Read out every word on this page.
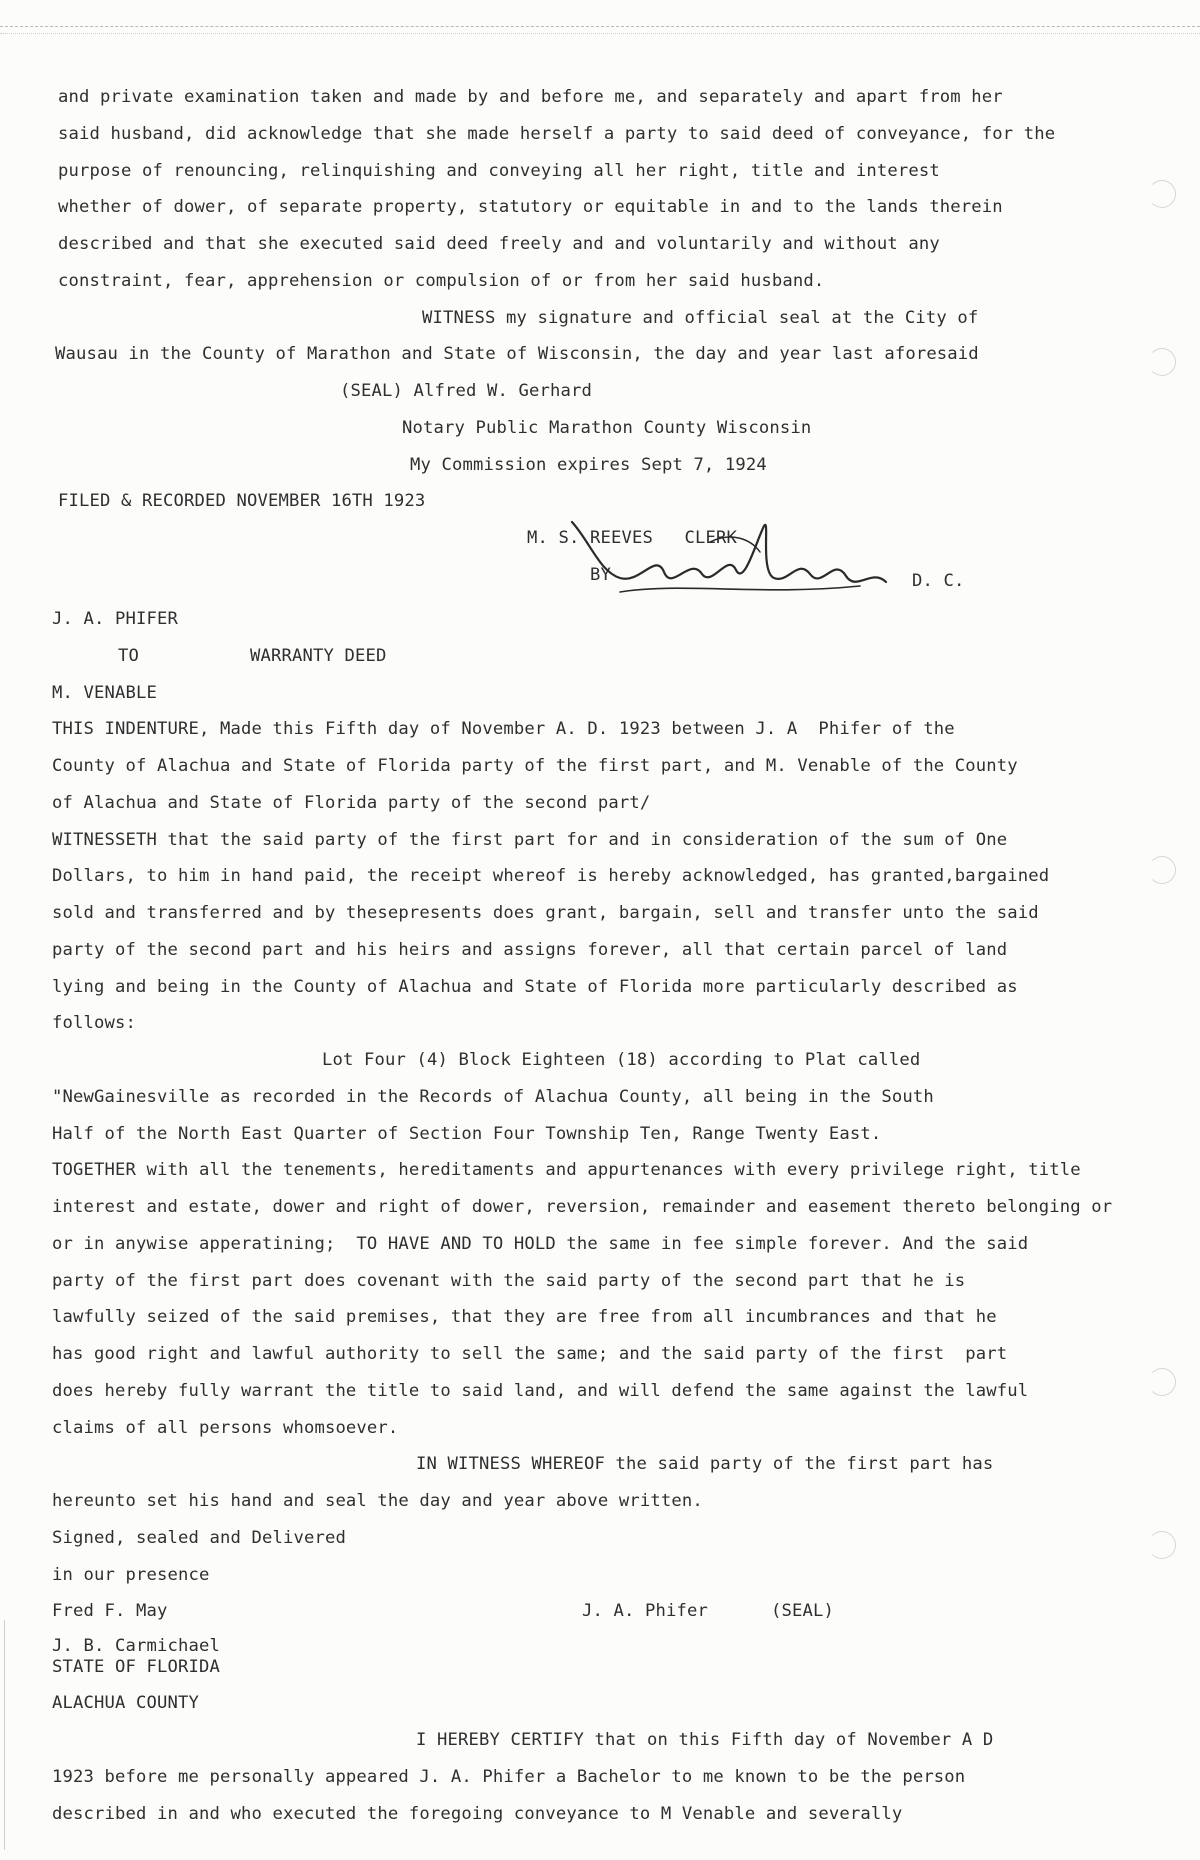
and private examination taken and made by and before me, and separately and apart from her
said husband, did acknowledge that she made herself a party to said deed of conveyance, for the
purpose of renouncing, relinquishing and conveying all her right, title and interest
whether of dower, of separate property, statutory or equitable in and to the lands therein
described and that she executed said deed freely and and voluntarily and without any
constraint, fear, apprehension or compulsion of or from her said husband.
WITNESS my signature and official seal at the City of
Wausau in the County of Marathon and State of Wisconsin, the day and year last aforesaid
(SEAL) Alfred W. Gerhard
Notary Public Marathon County Wisconsin
My Commission expires Sept 7, 1924
FILED & RECORDED NOVEMBER 16TH 1923
M. S. REEVES   CLERK
BY	D. C.
J. A. PHIFER
TO	WARRANTY DEED
M. VENABLE
THIS INDENTURE, Made this Fifth day of November A. D. 1923 between J. A  Phifer of the
County of Alachua and State of Florida party of the first part, and M. Venable of the County
of Alachua and State of Florida party of the second part/
WITNESSETH that the said party of the first part for and in consideration of the sum of One
Dollars, to him in hand paid, the receipt whereof is hereby acknowledged, has granted,bargained
sold and transferred and by thesepresents does grant, bargain, sell and transfer unto the said
party of the second part and his heirs and assigns forever, all that certain parcel of land
lying and being in the County of Alachua and State of Florida more particularly described as
follows:
Lot Four (4) Block Eighteen (18) according to Plat called
"NewGainesville as recorded in the Records of Alachua County, all being in the South
Half of the North East Quarter of Section Four Township Ten, Range Twenty East.
TOGETHER with all the tenements, hereditaments and appurtenances with every privilege right, title
interest and estate, dower and right of dower, reversion, remainder and easement thereto belonging or
or in anywise apperatining;  TO HAVE AND TO HOLD the same in fee simple forever. And the said
party of the first part does covenant with the said party of the second part that he is
lawfully seized of the said premises, that they are free from all incumbrances and that he
has good right and lawful authority to sell the same; and the said party of the first  part
does hereby fully warrant the title to said land, and will defend the same against the lawful
claims of all persons whomsoever.
IN WITNESS WHEREOF the said party of the first part has
hereunto set his hand and seal the day and year above written.
Signed, sealed and Delivered
in our presence
Fred F. May	J. A. Phifer      (SEAL)
J. B. Carmichael
STATE OF FLORIDA
ALACHUA COUNTY
I HEREBY CERTIFY that on this Fifth day of November A D
1923 before me personally appeared J. A. Phifer a Bachelor to me known to be the person
described in and who executed the foregoing conveyance to M Venable and severally
